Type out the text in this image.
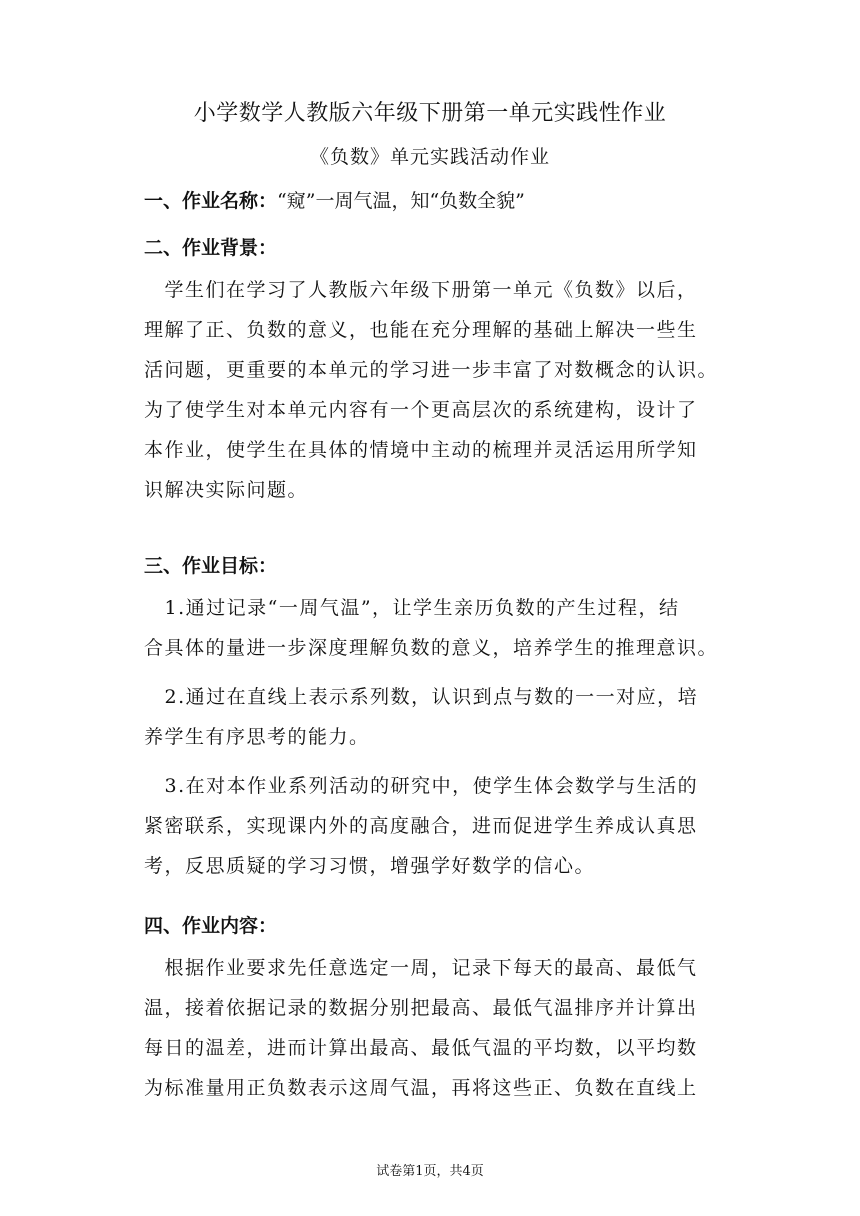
小学数学人教版六年级下册第一单元实践性作业
《负数》单元实践活动作业
一、作业名称：“窥”一周气温，知“负数全貌”
二、作业背景：
　学生们在学习了人教版六年级下册第一单元《负数》以后，
理解了正、负数的意义，也能在充分理解的基础上解决一些生
活问题，更重要的本单元的学习进一步丰富了对数概念的认识。
为了使学生对本单元内容有一个更高层次的系统建构，设计了
本作业，使学生在具体的情境中主动的梳理并灵活运用所学知
识解决实际问题。
三、作业目标：
　1.通过记录“一周气温”，让学生亲历负数的产生过程，结
合具体的量进一步深度理解负数的意义，培养学生的推理意识。
　2.通过在直线上表示系列数，认识到点与数的一一对应，培
养学生有序思考的能力。
　3.在对本作业系列活动的研究中，使学生体会数学与生活的
紧密联系，实现课内外的高度融合，进而促进学生养成认真思
考，反思质疑的学习习惯，增强学好数学的信心。
四、作业内容：
　根据作业要求先任意选定一周，记录下每天的最高、最低气
温，接着依据记录的数据分别把最高、最低气温排序并计算出
每日的温差，进而计算出最高、最低气温的平均数，以平均数
为标准量用正负数表示这周气温，再将这些正、负数在直线上
试卷第1页，共4页
